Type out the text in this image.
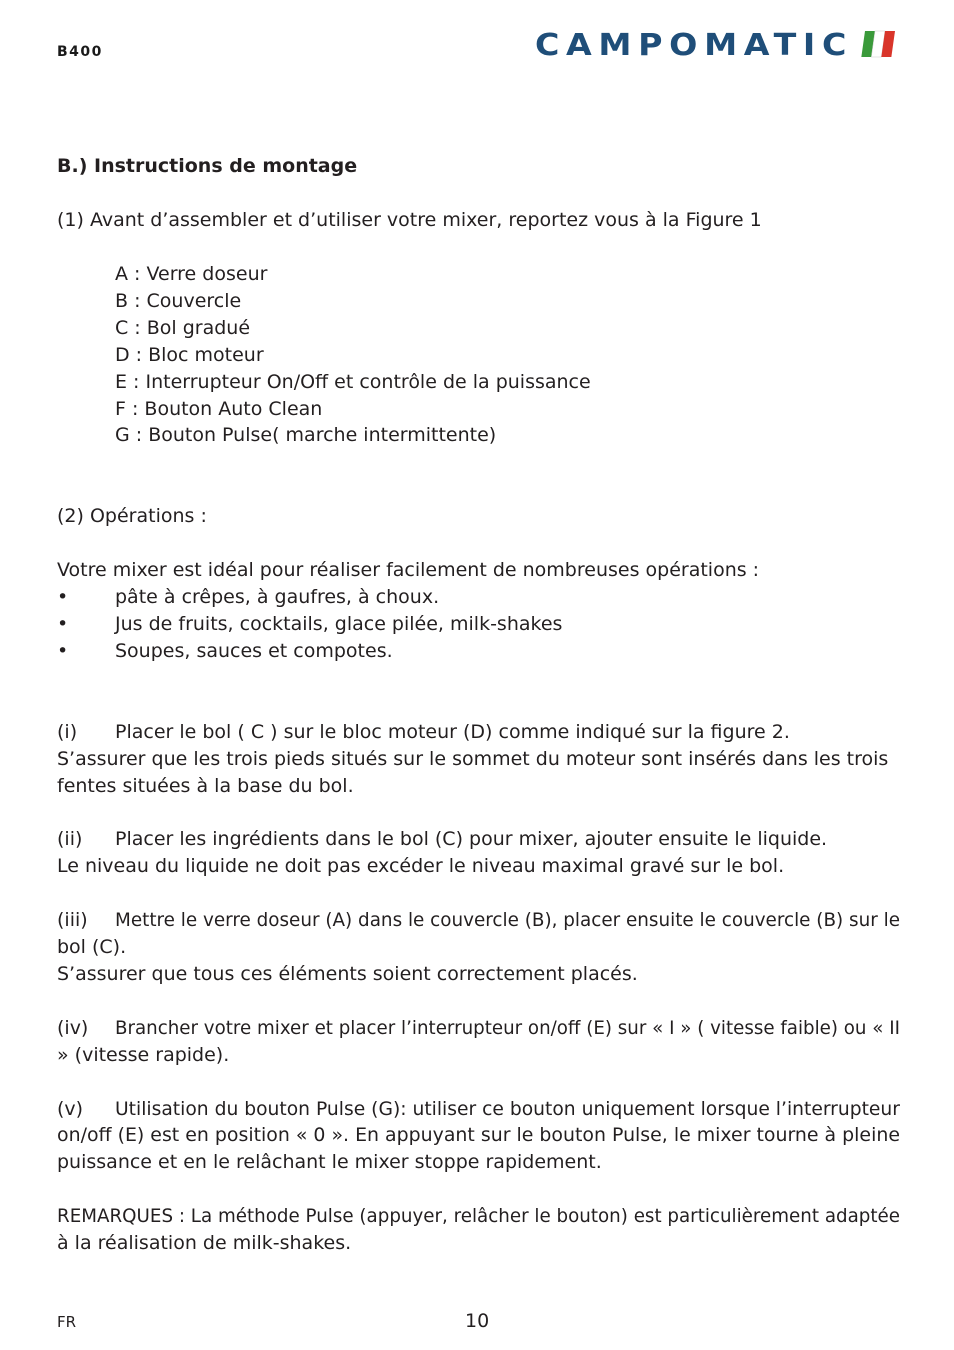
B400	CAMPOMATIC
B.) Instructions de montage
(1) Avant d’assembler et d’utiliser votre mixer, reportez vous à la Figure 1
A : Verre doseur
B : Couvercle
C : Bol gradué
D : Bloc moteur
E : Interrupteur On/Off et contrôle de la puissance
F : Bouton Auto Clean
G : Bouton Pulse( marche intermittente)
(2) Opérations :
Votre mixer est idéal pour réaliser facilement de nombreuses opérations :
• pâte à crêpes, à gaufres, à choux.
• Jus de fruits, cocktails, glace pilée, milk-shakes
• Soupes, sauces et compotes.
(i) Placer le bol ( C ) sur le bloc moteur (D) comme indiqué sur la figure 2.
S’assurer que les trois pieds situés sur le sommet du moteur sont insérés dans les trois
fentes situées à la base du bol.
(ii) Placer les ingrédients dans le bol (C) pour mixer, ajouter ensuite le liquide.
Le niveau du liquide ne doit pas excéder le niveau maximal gravé sur le bol.
(iii) Mettre le verre doseur (A) dans le couvercle (B), placer ensuite le couvercle (B) sur le
bol (C).
S’assurer que tous ces éléments soient correctement placés.
(iv) Brancher votre mixer et placer l’interrupteur on/off (E) sur « I » ( vitesse faible) ou « II
» (vitesse rapide).
(v) Utilisation du bouton Pulse (G): utiliser ce bouton uniquement lorsque l’interrupteur
on/off (E) est en position « 0 ». En appuyant sur le bouton Pulse, le mixer tourne à pleine
puissance et en le relâchant le mixer stoppe rapidement.
REMARQUES : La méthode Pulse (appuyer, relâcher le bouton) est particulièrement adaptée
à la réalisation de milk-shakes.
FR	10
